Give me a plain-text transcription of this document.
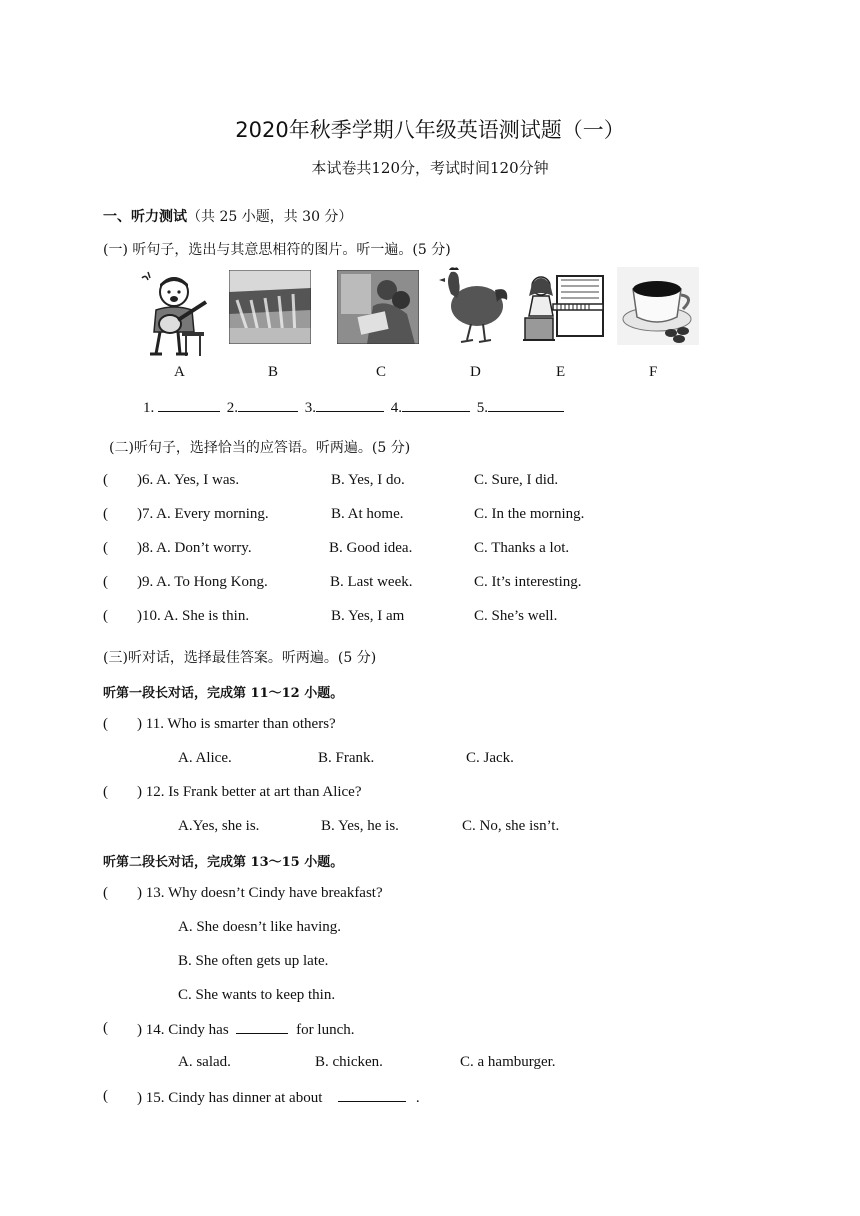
2020年秋季学期八年级英语测试题（一）
本试卷共120分，考试时间120分钟
一、听力测试（共 25 小题，共 30 分）
(一) 听句子，选出与其意思相符的图片。听一遍。(5 分)
A	B	C	D	E	F
1.	2.	3.	4.	5.
(二)听句子，选择恰当的应答语。听两遍。(5 分)
( )6. A. Yes, I was.	B. Yes, I do.	C. Sure, I did.
( )7. A. Every morning.	B. At home.	C. In the morning.
( )8. A. Don’t worry.	B. Good idea.	C. Thanks a lot.
( )9. A. To Hong Kong.	B. Last week.	C. It’s interesting.
( )10. A. She is thin.	B. Yes, I am	C. She’s well.
(三)听对话，选择最佳答案。听两遍。(5 分)
听第一段长对话，完成第 11～12 小题。
( ) 11. Who is smarter than others?
A. Alice.	B. Frank.	C. Jack.
( ) 12. Is Frank better at art than Alice?
A.Yes, she is.	B. Yes, he is.	C. No, she isn’t.
听第二段长对话，完成第 13～15 小题。
( ) 13. Why doesn’t Cindy have breakfast?
A. She doesn’t like having.
B. She often gets up late.
C. She wants to keep thin.
( ) 14. Cindy has	for lunch.
A. salad.	B. chicken.	C. a hamburger.
( ) 15. Cindy has dinner at about	.
